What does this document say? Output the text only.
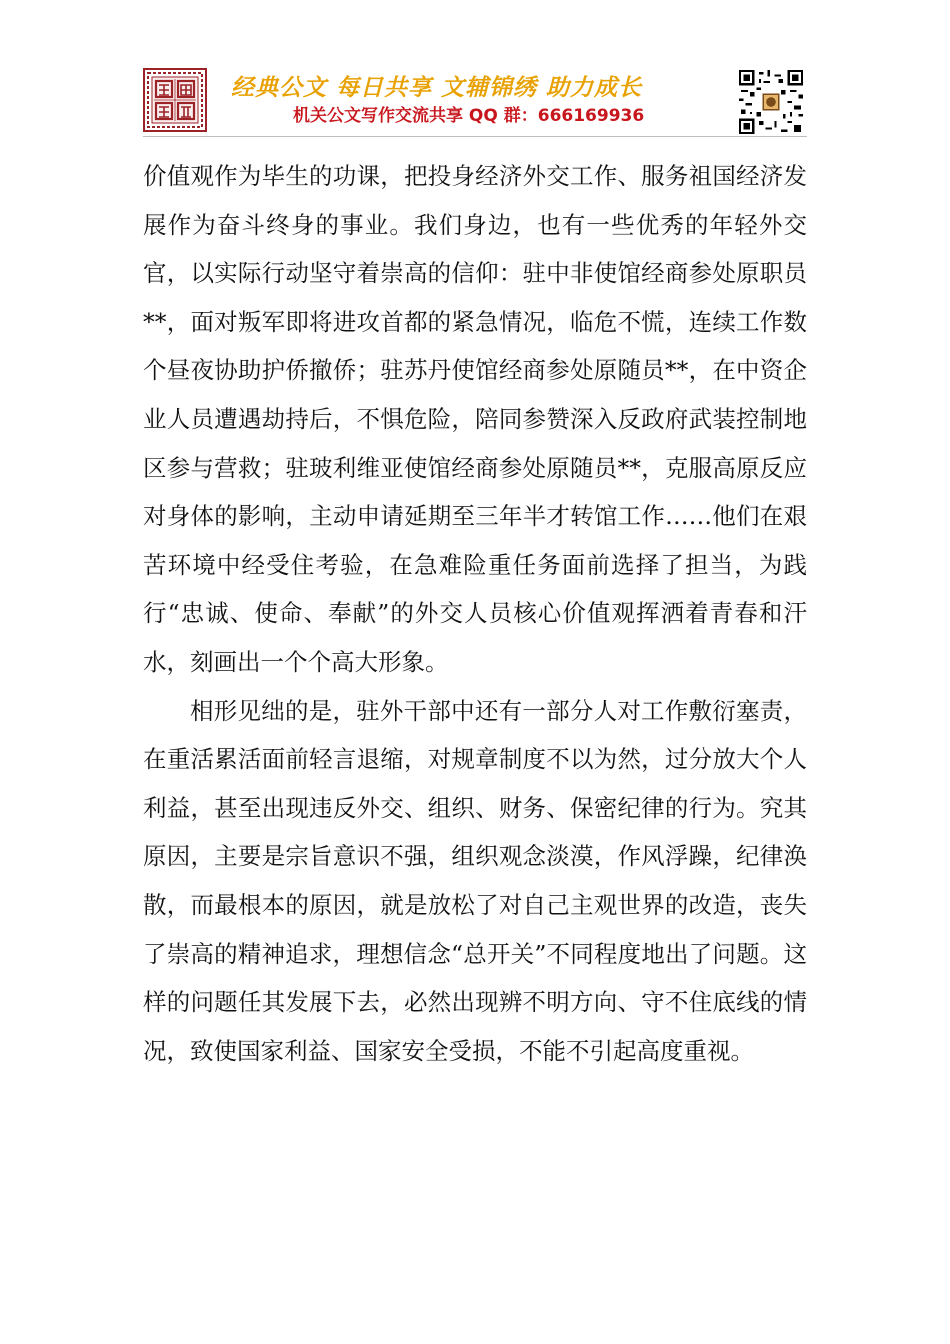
经典公文 每日共享 文辅锦绣 助力成长
机关公文写作交流共享 QQ 群：666169936

价值观作为毕生的功课，把投身经济外交工作、服务祖国经济发展作为奋斗终身的事业。我们身边，也有一些优秀的年轻外交官，以实际行动坚守着崇高的信仰：驻中非使馆经商参处原职员**，面对叛军即将进攻首都的紧急情况，临危不慌，连续工作数个昼夜协助护侨撤侨；驻苏丹使馆经商参处原随员**，在中资企业人员遭遇劫持后，不惧危险，陪同参赞深入反政府武装控制地区参与营救；驻玻利维亚使馆经商参处原随员**，克服高原反应对身体的影响，主动申请延期至三年半才转馆工作……他们在艰苦环境中经受住考验，在急难险重任务面前选择了担当，为践行“忠诚、使命、奉献”的外交人员核心价值观挥洒着青春和汗水，刻画出一个个高大形象。

相形见绌的是，驻外干部中还有一部分人对工作敷衍塞责，在重活累活面前轻言退缩，对规章制度不以为然，过分放大个人利益，甚至出现违反外交、组织、财务、保密纪律的行为。究其原因，主要是宗旨意识不强，组织观念淡漠，作风浮躁，纪律涣散，而最根本的原因，就是放松了对自己主观世界的改造，丧失了崇高的精神追求，理想信念“总开关”不同程度地出了问题。这样的问题任其发展下去，必然出现辨不明方向、守不住底线的情况，致使国家利益、国家安全受损，不能不引起高度重视。
